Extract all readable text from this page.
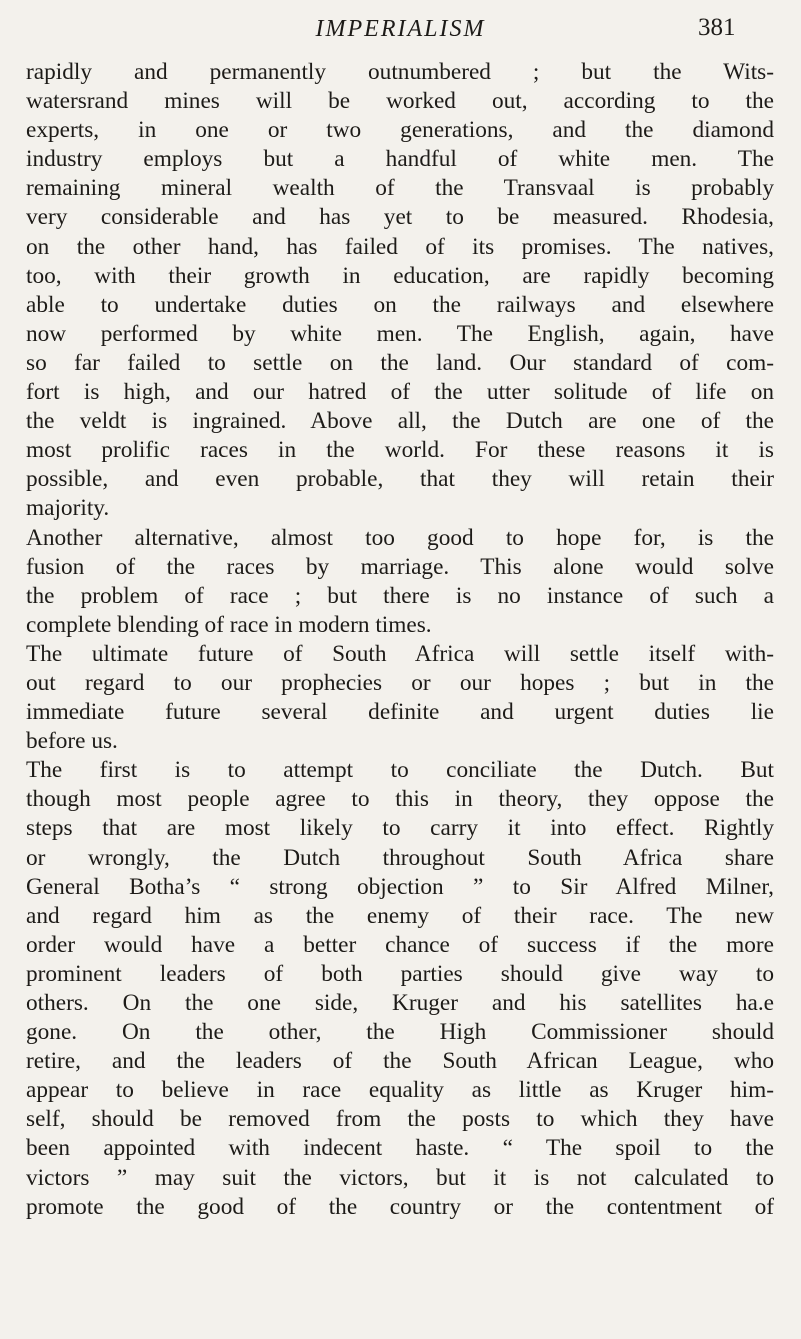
IMPERIALISM	381
rapidly and permanently outnumbered ; but the Wits-
watersrand mines will be worked out, according to the
experts, in one or two generations, and the diamond
industry employs but a handful of white men. The
remaining mineral wealth of the Transvaal is probably
very considerable and has yet to be measured. Rhodesia,
on the other hand, has failed of its promises. The natives,
too, with their growth in education, are rapidly becoming
able to undertake duties on the railways and elsewhere
now performed by white men. The English, again, have
so far failed to settle on the land. Our standard of com-
fort is high, and our hatred of the utter solitude of life on
the veldt is ingrained. Above all, the Dutch are one of the
most prolific races in the world. For these reasons it is
possible, and even probable, that they will retain their
majority.
Another alternative, almost too good to hope for, is the
fusion of the races by marriage. This alone would solve
the problem of race ; but there is no instance of such a
complete blending of race in modern times.
The ultimate future of South Africa will settle itself with-
out regard to our prophecies or our hopes ; but in the
immediate future several definite and urgent duties lie
before us.
The first is to attempt to conciliate the Dutch. But
though most people agree to this in theory, they oppose the
steps that are most likely to carry it into effect. Rightly
or wrongly, the Dutch throughout South Africa share
General Botha’s “ strong objection ” to Sir Alfred Milner,
and regard him as the enemy of their race. The new
order would have a better chance of success if the more
prominent leaders of both parties should give way to
others. On the one side, Kruger and his satellites ha.e
gone. On the other, the High Commissioner should
retire, and the leaders of the South African League, who
appear to believe in race equality as little as Kruger him-
self, should be removed from the posts to which they have
been appointed with indecent haste. “ The spoil to the
victors ” may suit the victors, but it is not calculated to
promote the good of the country or the contentment of
